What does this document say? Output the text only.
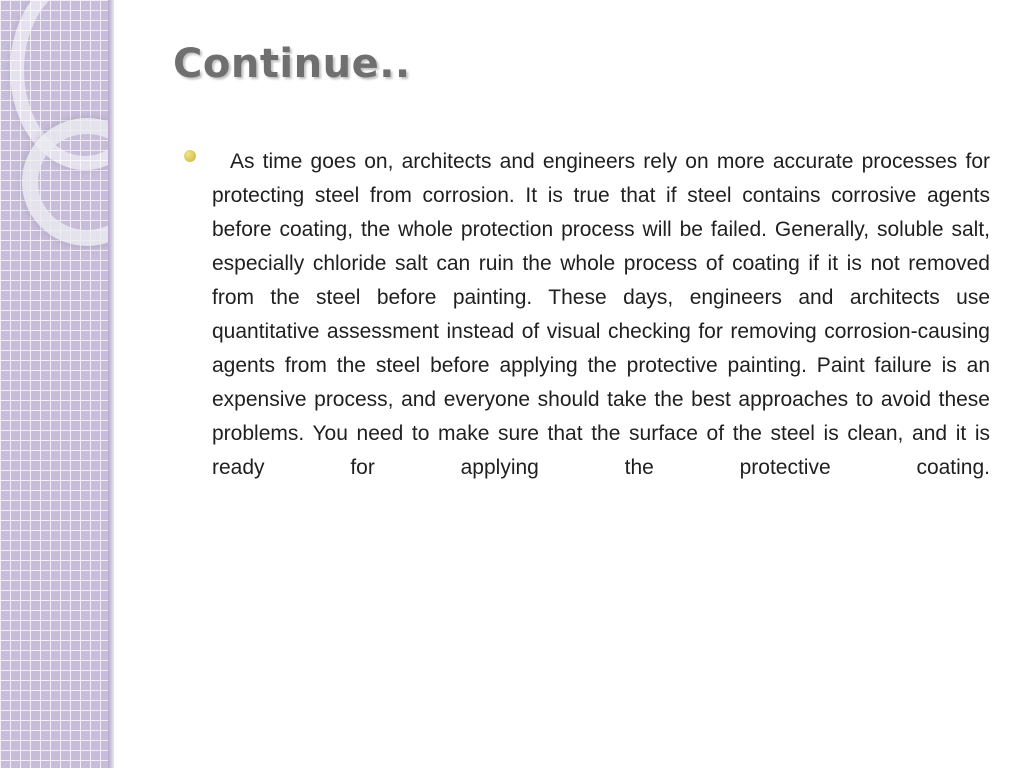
Continue..

As time goes on, architects and engineers rely on more accurate processes for protecting steel from corrosion. It is true that if steel contains corrosive agents before coating, the whole protection process will be failed. Generally, soluble salt, especially chloride salt can ruin the whole process of coating if it is not removed from the steel before painting. These days, engineers and architects use quantitative assessment instead of visual checking for removing corrosion-causing agents from the steel before applying the protective painting. Paint failure is an expensive process, and everyone should take the best approaches to avoid these problems. You need to make sure that the surface of the steel is clean, and it is ready for applying the protective coating.
